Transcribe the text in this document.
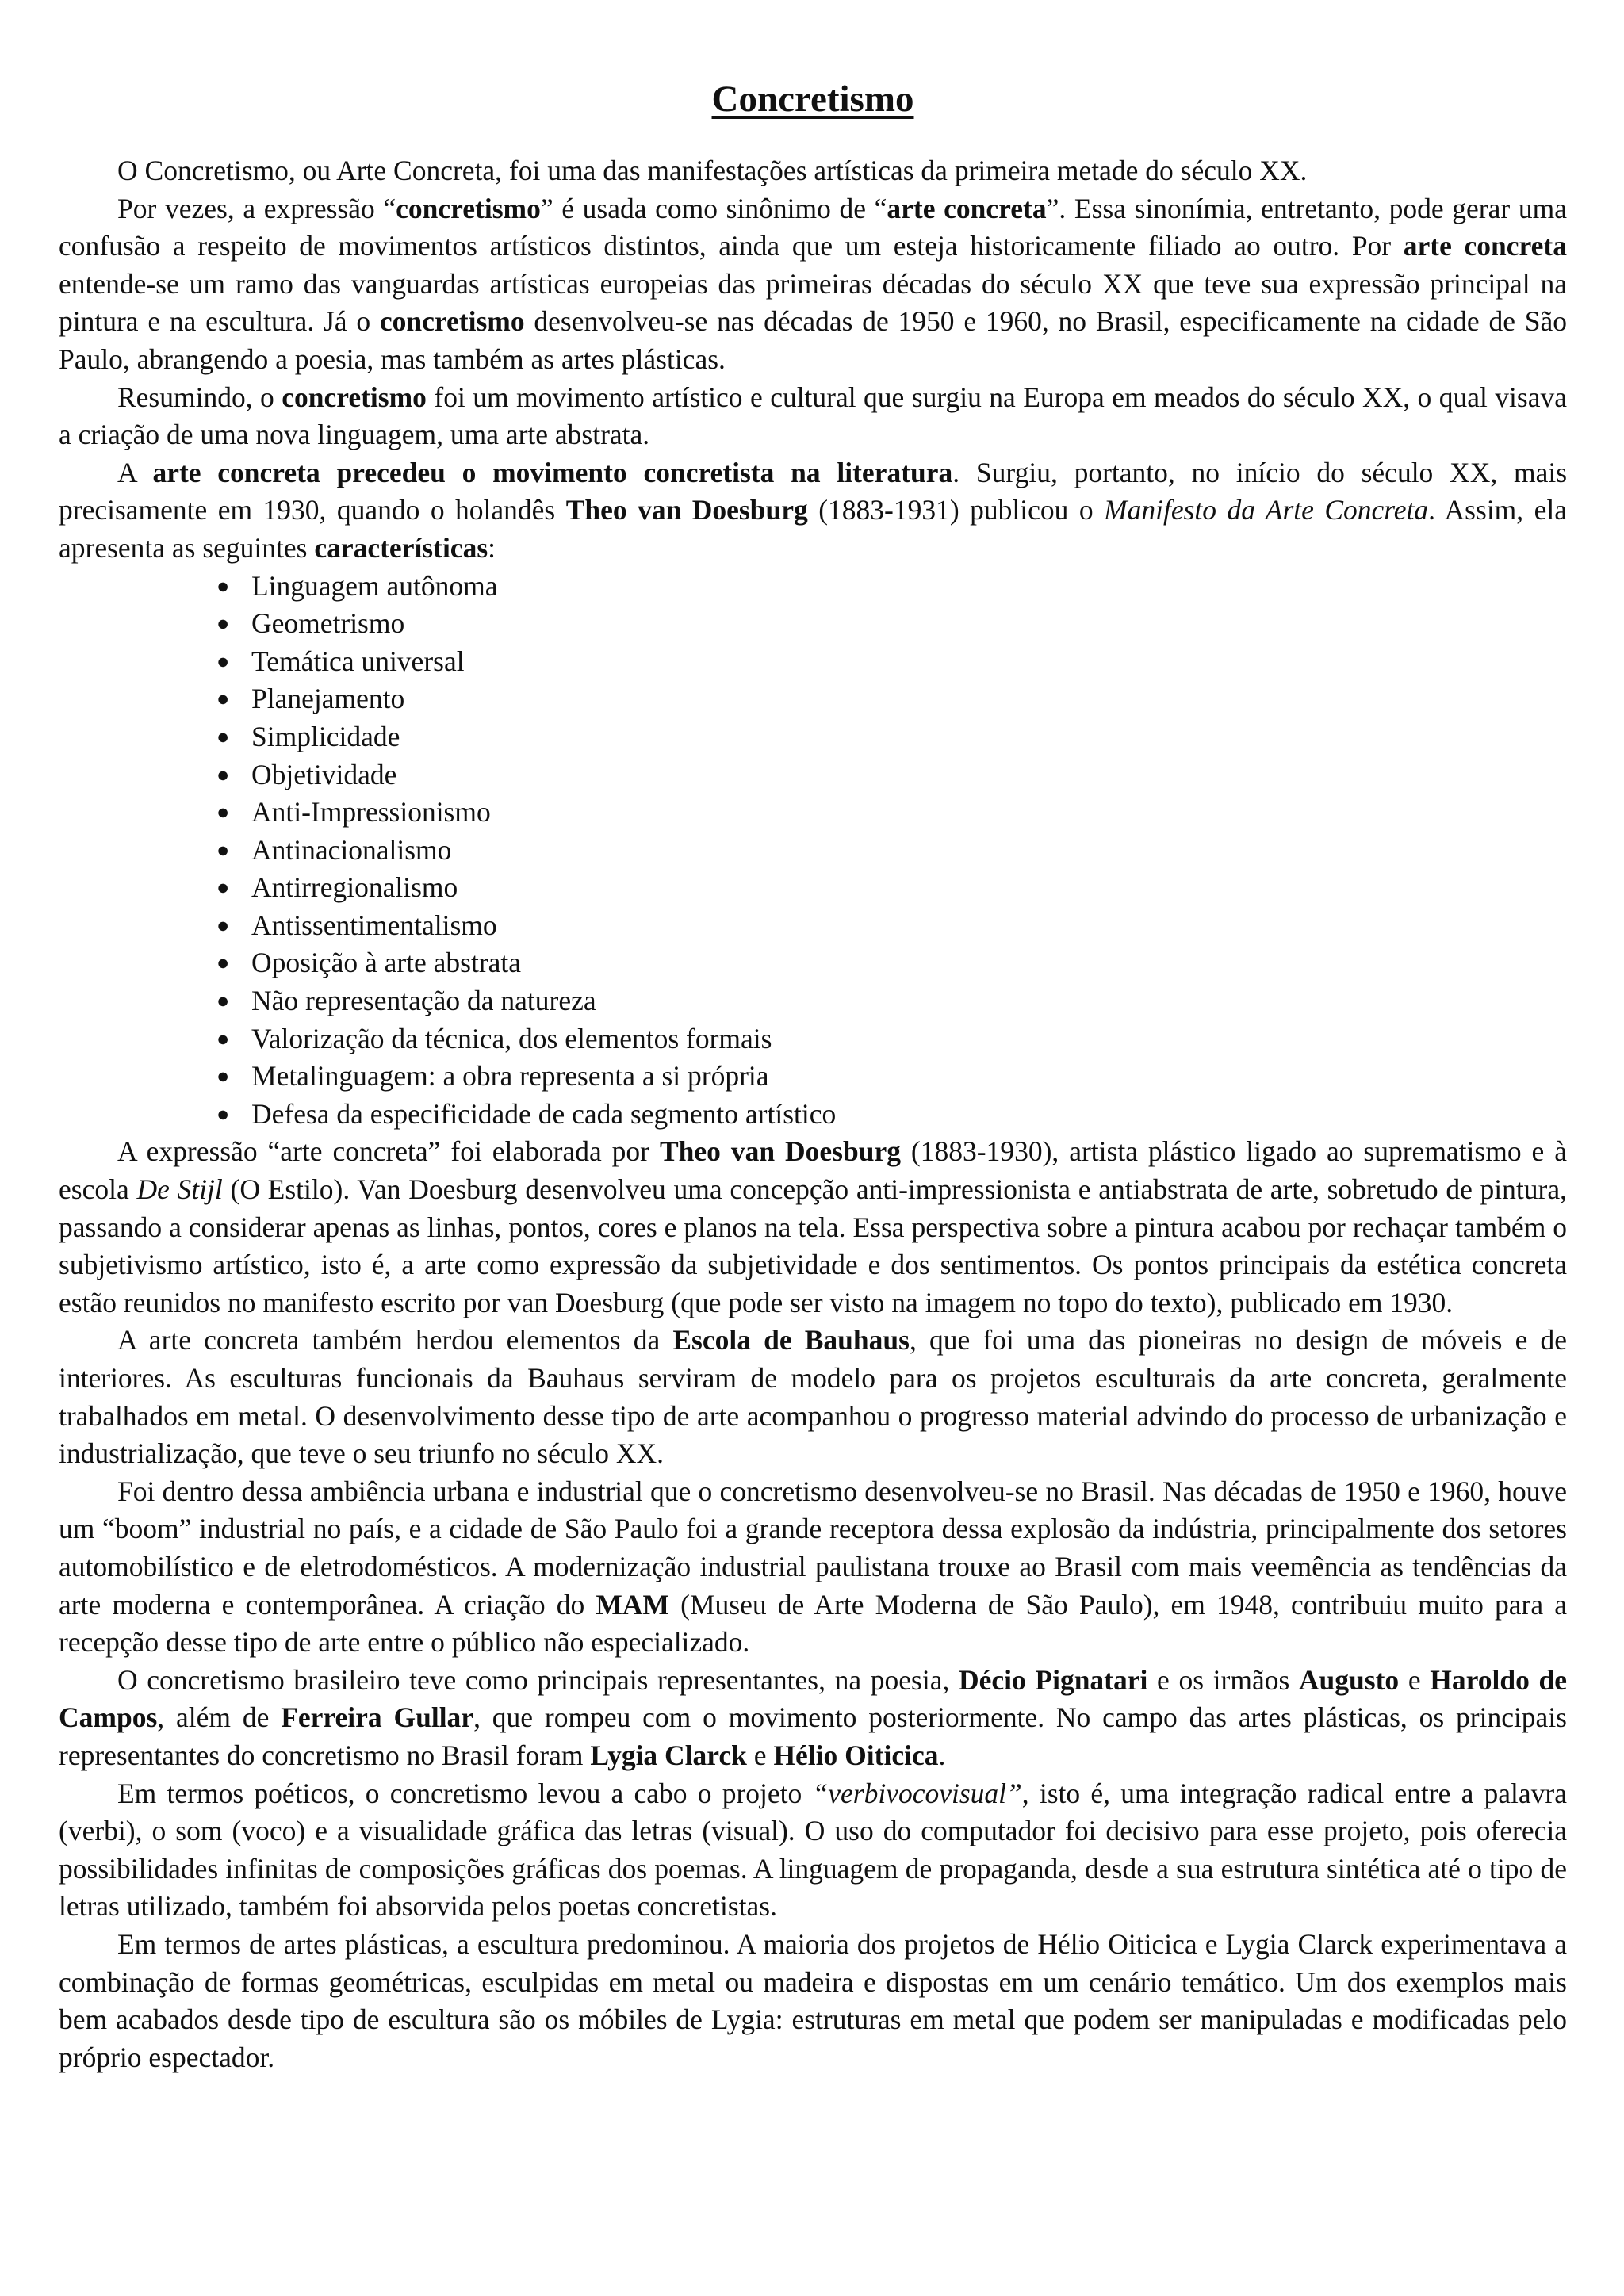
Concretismo

O Concretismo, ou Arte Concreta, foi uma das manifestações artísticas da primeira metade do século XX.

Por vezes, a expressão “concretismo” é usada como sinônimo de “arte concreta”. Essa sinonímia, entretanto, pode gerar uma confusão a respeito de movimentos artísticos distintos, ainda que um esteja historicamente filiado ao outro. Por arte concreta entende-se um ramo das vanguardas artísticas europeias das primeiras décadas do século XX que teve sua expressão principal na pintura e na escultura. Já o concretismo desenvolveu-se nas décadas de 1950 e 1960, no Brasil, especificamente na cidade de São Paulo, abrangendo a poesia, mas também as artes plásticas.

Resumindo, o concretismo foi um movimento artístico e cultural que surgiu na Europa em meados do século XX, o qual visava a criação de uma nova linguagem, uma arte abstrata.

A arte concreta precedeu o movimento concretista na literatura. Surgiu, portanto, no início do século XX, mais precisamente em 1930, quando o holandês Theo van Doesburg (1883-1931) publicou o Manifesto da Arte Concreta. Assim, ela apresenta as seguintes características:

● Linguagem autônoma
● Geometrismo
● Temática universal
● Planejamento
● Simplicidade
● Objetividade
● Anti-Impressionismo
● Antinacionalismo
● Antirregionalismo
● Antissentimentalismo
● Oposição à arte abstrata
● Não representação da natureza
● Valorização da técnica, dos elementos formais
● Metalinguagem: a obra representa a si própria
● Defesa da especificidade de cada segmento artístico

A expressão “arte concreta” foi elaborada por Theo van Doesburg (1883-1930), artista plástico ligado ao suprematismo e à escola De Stijl (O Estilo). Van Doesburg desenvolveu uma concepção anti-impressionista e antiabstrata de arte, sobretudo de pintura, passando a considerar apenas as linhas, pontos, cores e planos na tela. Essa perspectiva sobre a pintura acabou por rechaçar também o subjetivismo artístico, isto é, a arte como expressão da subjetividade e dos sentimentos. Os pontos principais da estética concreta estão reunidos no manifesto escrito por van Doesburg (que pode ser visto na imagem no topo do texto), publicado em 1930.

A arte concreta também herdou elementos da Escola de Bauhaus, que foi uma das pioneiras no design de móveis e de interiores. As esculturas funcionais da Bauhaus serviram de modelo para os projetos esculturais da arte concreta, geralmente trabalhados em metal. O desenvolvimento desse tipo de arte acompanhou o progresso material advindo do processo de urbanização e industrialização, que teve o seu triunfo no século XX.

Foi dentro dessa ambiência urbana e industrial que o concretismo desenvolveu-se no Brasil. Nas décadas de 1950 e 1960, houve um “boom” industrial no país, e a cidade de São Paulo foi a grande receptora dessa explosão da indústria, principalmente dos setores automobilístico e de eletrodomésticos. A modernização industrial paulistana trouxe ao Brasil com mais veemência as tendências da arte moderna e contemporânea. A criação do MAM (Museu de Arte Moderna de São Paulo), em 1948, contribuiu muito para a recepção desse tipo de arte entre o público não especializado.

O concretismo brasileiro teve como principais representantes, na poesia, Décio Pignatari e os irmãos Augusto e Haroldo de Campos, além de Ferreira Gullar, que rompeu com o movimento posteriormente. No campo das artes plásticas, os principais representantes do concretismo no Brasil foram Lygia Clarck e Hélio Oiticica.

Em termos poéticos, o concretismo levou a cabo o projeto “verbivocovisual”, isto é, uma integração radical entre a palavra (verbi), o som (voco) e a visualidade gráfica das letras (visual). O uso do computador foi decisivo para esse projeto, pois oferecia possibilidades infinitas de composições gráficas dos poemas. A linguagem de propaganda, desde a sua estrutura sintética até o tipo de letras utilizado, também foi absorvida pelos poetas concretistas.

Em termos de artes plásticas, a escultura predominou. A maioria dos projetos de Hélio Oiticica e Lygia Clarck experimentava a combinação de formas geométricas, esculpidas em metal ou madeira e dispostas em um cenário temático. Um dos exemplos mais bem acabados desde tipo de escultura são os móbiles de Lygia: estruturas em metal que podem ser manipuladas e modificadas pelo próprio espectador.
